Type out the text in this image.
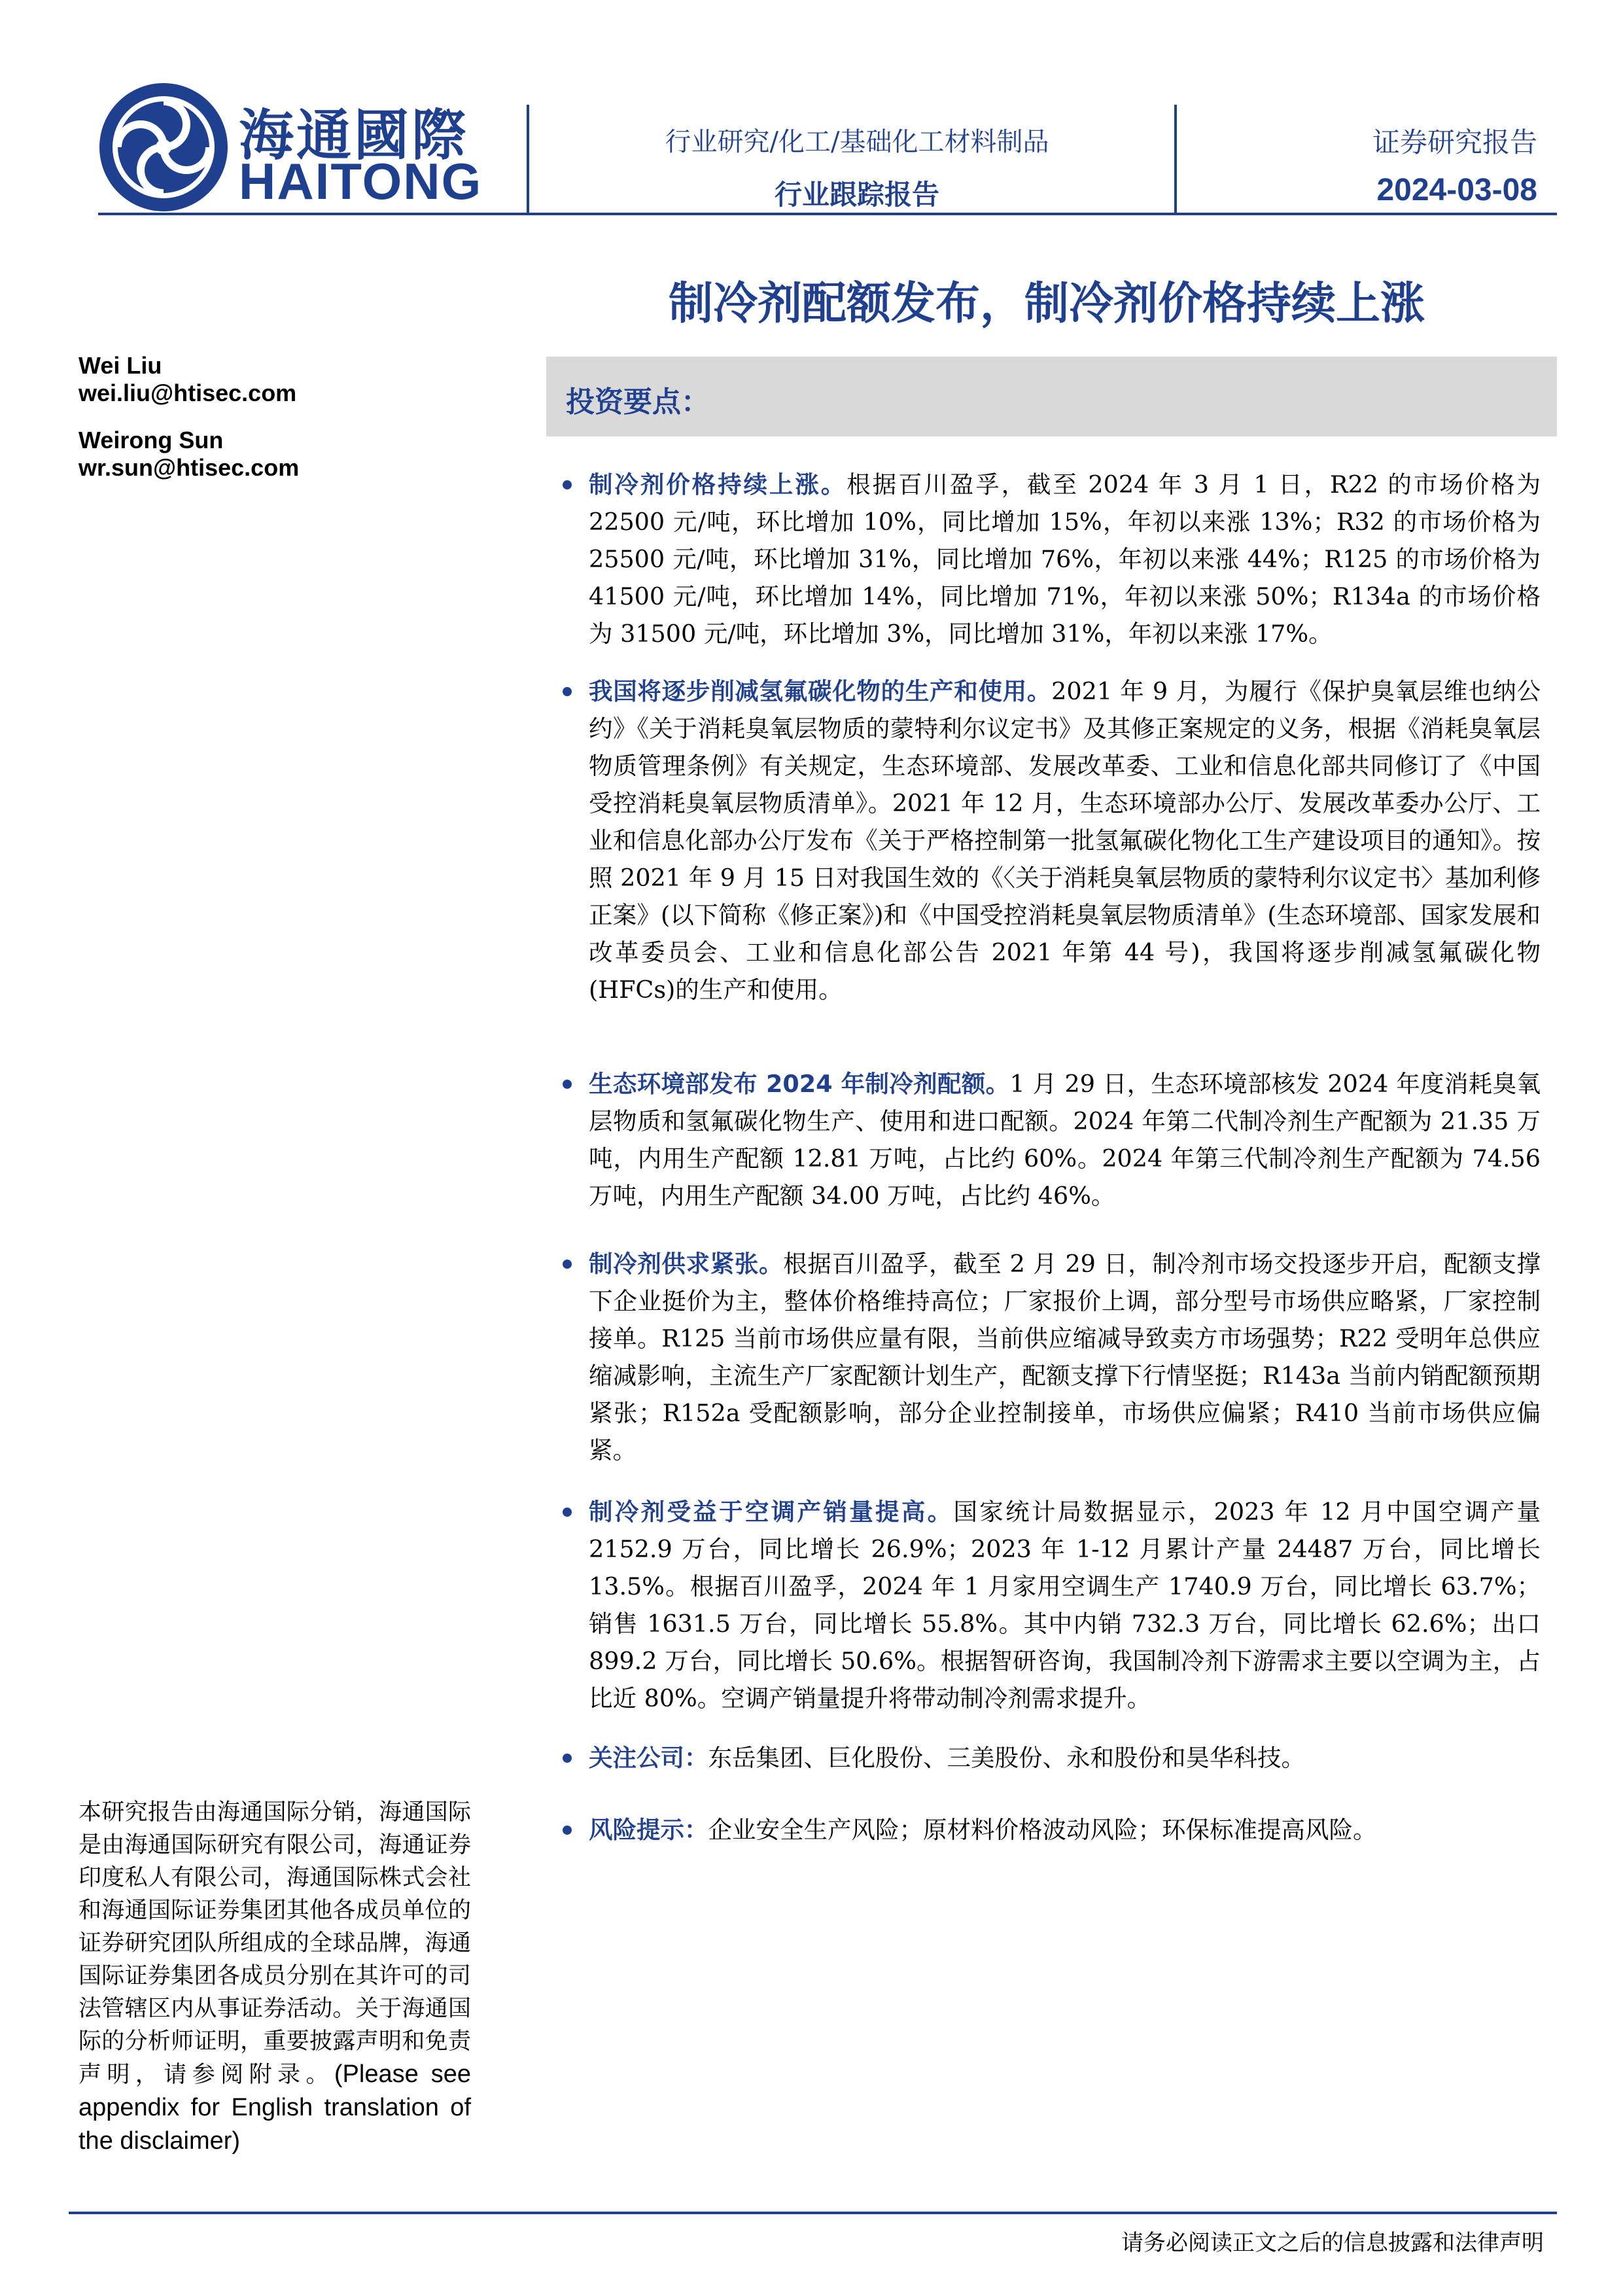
海通國際
HAITONG
行业研究/化工/基础化工材料制品
行业跟踪报告
证券研究报告
2024-03-08
制冷剂配额发布，制冷剂价格持续上涨
Wei Liu
wei.liu@htisec.com
Weirong Sun
wr.sun@htisec.com
投资要点：
制冷剂价格持续上涨。根据百川盈孚，截至 2024 年 3 月 1 日，R22 的市场价格为 22500 元/吨，环比增加 10%，同比增加 15%，年初以来涨 13%；R32 的市场价格为 25500 元/吨，环比增加 31%，同比增加 76%，年初以来涨 44%；R125 的市场价格为 41500 元/吨，环比增加 14%，同比增加 71%，年初以来涨 50%；R134a 的市场价格为 31500 元/吨，环比增加 3%，同比增加 31%，年初以来涨 17%。
我国将逐步削减氢氟碳化物的生产和使用。2021 年 9 月，为履行《保护臭氧层维也纳公约》《关于消耗臭氧层物质的蒙特利尔议定书》及其修正案规定的义务，根据《消耗臭氧层物质管理条例》有关规定，生态环境部、发展改革委、工业和信息化部共同修订了《中国受控消耗臭氧层物质清单》。2021 年 12 月，生态环境部办公厅、发展改革委办公厅、工业和信息化部办公厅发布《关于严格控制第一批氢氟碳化物化工生产建设项目的通知》。按照 2021 年 9 月 15 日对我国生效的《〈关于消耗臭氧层物质的蒙特利尔议定书〉基加利修正案》(以下简称《修正案》)和《中国受控消耗臭氧层物质清单》(生态环境部、国家发展和改革委员会、工业和信息化部公告 2021 年第 44 号)，我国将逐步削减氢氟碳化物(HFCs)的生产和使用。
生态环境部发布 2024 年制冷剂配额。1 月 29 日，生态环境部核发 2024 年度消耗臭氧层物质和氢氟碳化物生产、使用和进口配额。2024 年第二代制冷剂生产配额为 21.35 万吨，内用生产配额 12.81 万吨，占比约 60%。2024 年第三代制冷剂生产配额为 74.56 万吨，内用生产配额 34.00 万吨，占比约 46%。
制冷剂供求紧张。根据百川盈孚，截至 2 月 29 日，制冷剂市场交投逐步开启，配额支撑下企业挺价为主，整体价格维持高位；厂家报价上调，部分型号市场供应略紧，厂家控制接单。R125 当前市场供应量有限，当前供应缩减导致卖方市场强势；R22 受明年总供应缩减影响，主流生产厂家配额计划生产，配额支撑下行情坚挺；R143a 当前内销配额预期紧张；R152a 受配额影响，部分企业控制接单，市场供应偏紧；R410 当前市场供应偏紧。
制冷剂受益于空调产销量提高。国家统计局数据显示，2023 年 12 月中国空调产量 2152.9 万台，同比增长 26.9%；2023 年 1-12 月累计产量 24487 万台，同比增长 13.5%。根据百川盈孚，2024 年 1 月家用空调生产 1740.9 万台，同比增长 63.7%；销售 1631.5 万台，同比增长 55.8%。其中内销 732.3 万台，同比增长 62.6%；出口 899.2 万台，同比增长 50.6%。根据智研咨询，我国制冷剂下游需求主要以空调为主，占比近 80%。空调产销量提升将带动制冷剂需求提升。
关注公司：东岳集团、巨化股份、三美股份、永和股份和昊华科技。
风险提示：企业安全生产风险；原材料价格波动风险；环保标准提高风险。
本研究报告由海通国际分销，海通国际是由海通国际研究有限公司，海通证券印度私人有限公司，海通国际株式会社和海通国际证券集团其他各成员单位的证券研究团队所组成的全球品牌，海通国际证券集团各成员分别在其许可的司法管辖区内从事证券活动。关于海通国际的分析师证明，重要披露声明和免责声明，请参阅附录。(Please see appendix for English translation of the disclaimer)
请务必阅读正文之后的信息披露和法律声明
